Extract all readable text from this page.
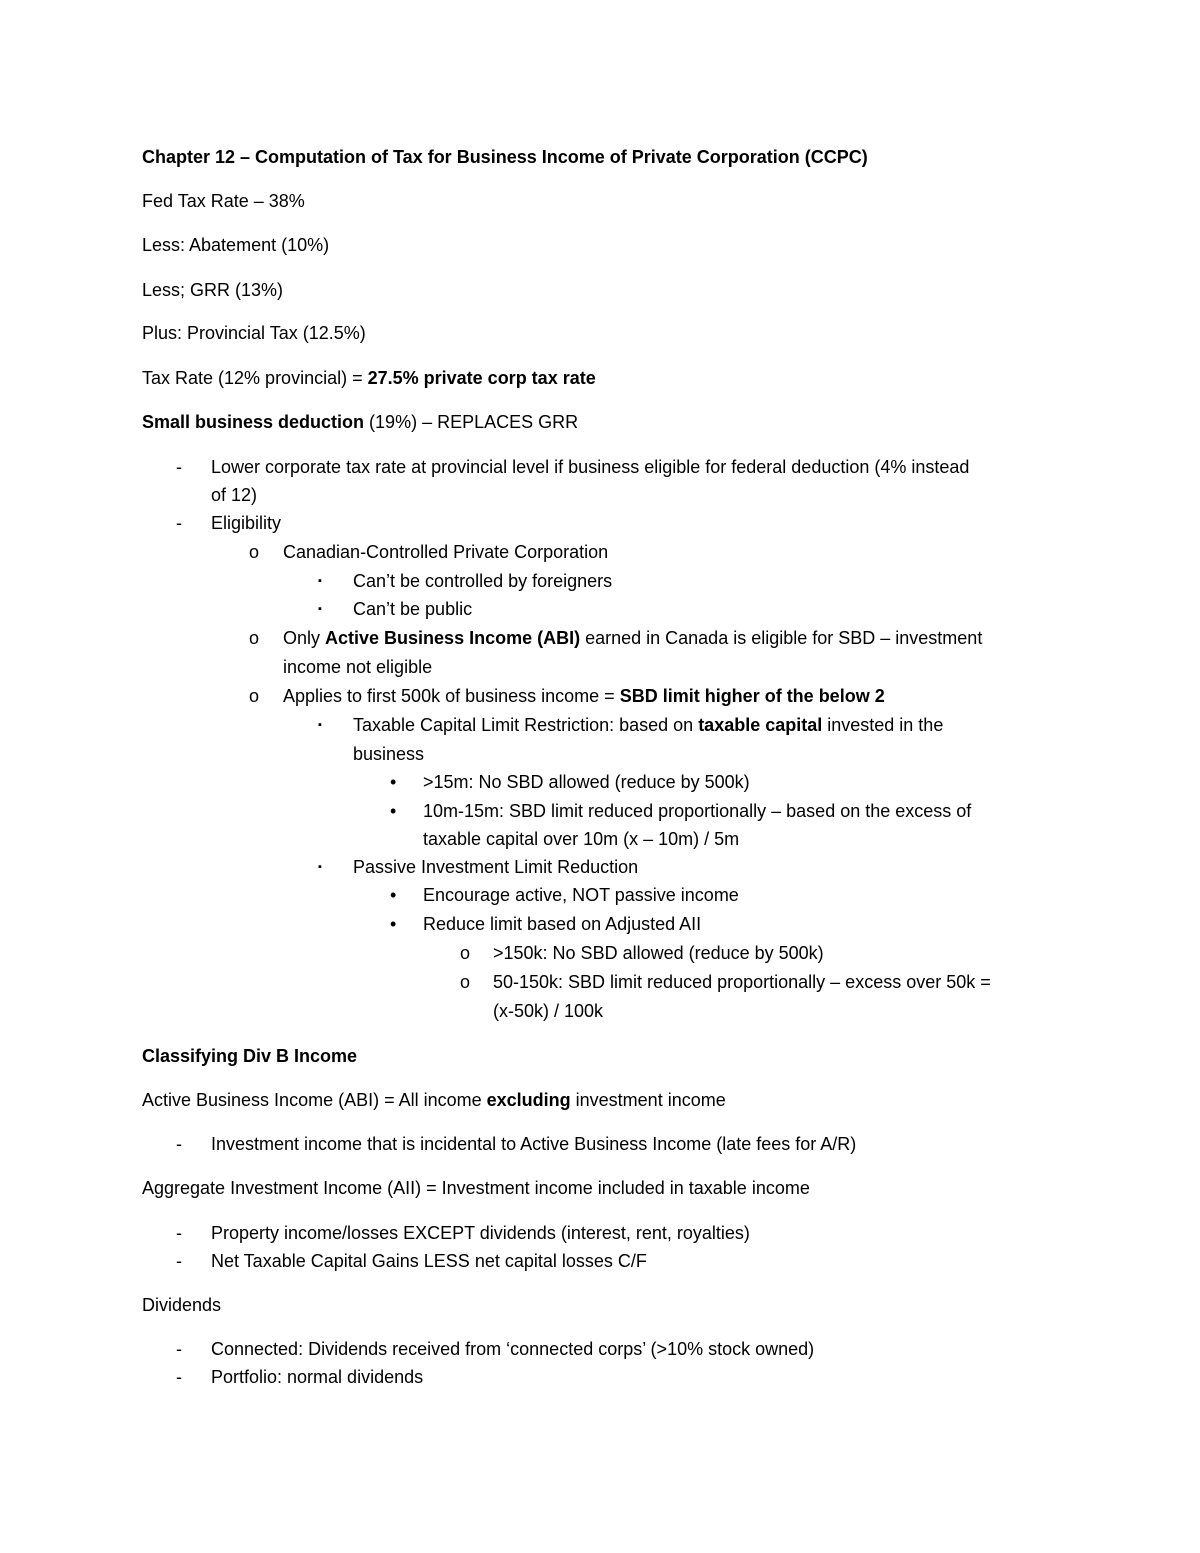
Chapter 12 – Computation of Tax for Business Income of Private Corporation (CCPC)
Fed Tax Rate – 38%
Less: Abatement (10%)
Less; GRR (13%)
Plus: Provincial Tax (12.5%)
Tax Rate (12% provincial) = 27.5% private corp tax rate
Small business deduction (19%) – REPLACES GRR
- Lower corporate tax rate at provincial level if business eligible for federal deduction (4% instead
of 12)
- Eligibility
o Canadian-Controlled Private Corporation
▪ Can’t be controlled by foreigners
▪ Can’t be public
o Only Active Business Income (ABI) earned in Canada is eligible for SBD – investment
income not eligible
o Applies to first 500k of business income = SBD limit higher of the below 2
▪ Taxable Capital Limit Restriction: based on taxable capital invested in the
business
• >15m: No SBD allowed (reduce by 500k)
• 10m-15m: SBD limit reduced proportionally – based on the excess of
taxable capital over 10m (x – 10m) / 5m
▪ Passive Investment Limit Reduction
• Encourage active, NOT passive income
• Reduce limit based on Adjusted AII
o >150k: No SBD allowed (reduce by 500k)
o 50-150k: SBD limit reduced proportionally – excess over 50k =
(x-50k) / 100k
Classifying Div B Income
Active Business Income (ABI) = All income excluding investment income
- Investment income that is incidental to Active Business Income (late fees for A/R)
Aggregate Investment Income (AII) = Investment income included in taxable income
- Property income/losses EXCEPT dividends (interest, rent, royalties)
- Net Taxable Capital Gains LESS net capital losses C/F
Dividends
- Connected: Dividends received from ‘connected corps’ (>10% stock owned)
- Portfolio: normal dividends
